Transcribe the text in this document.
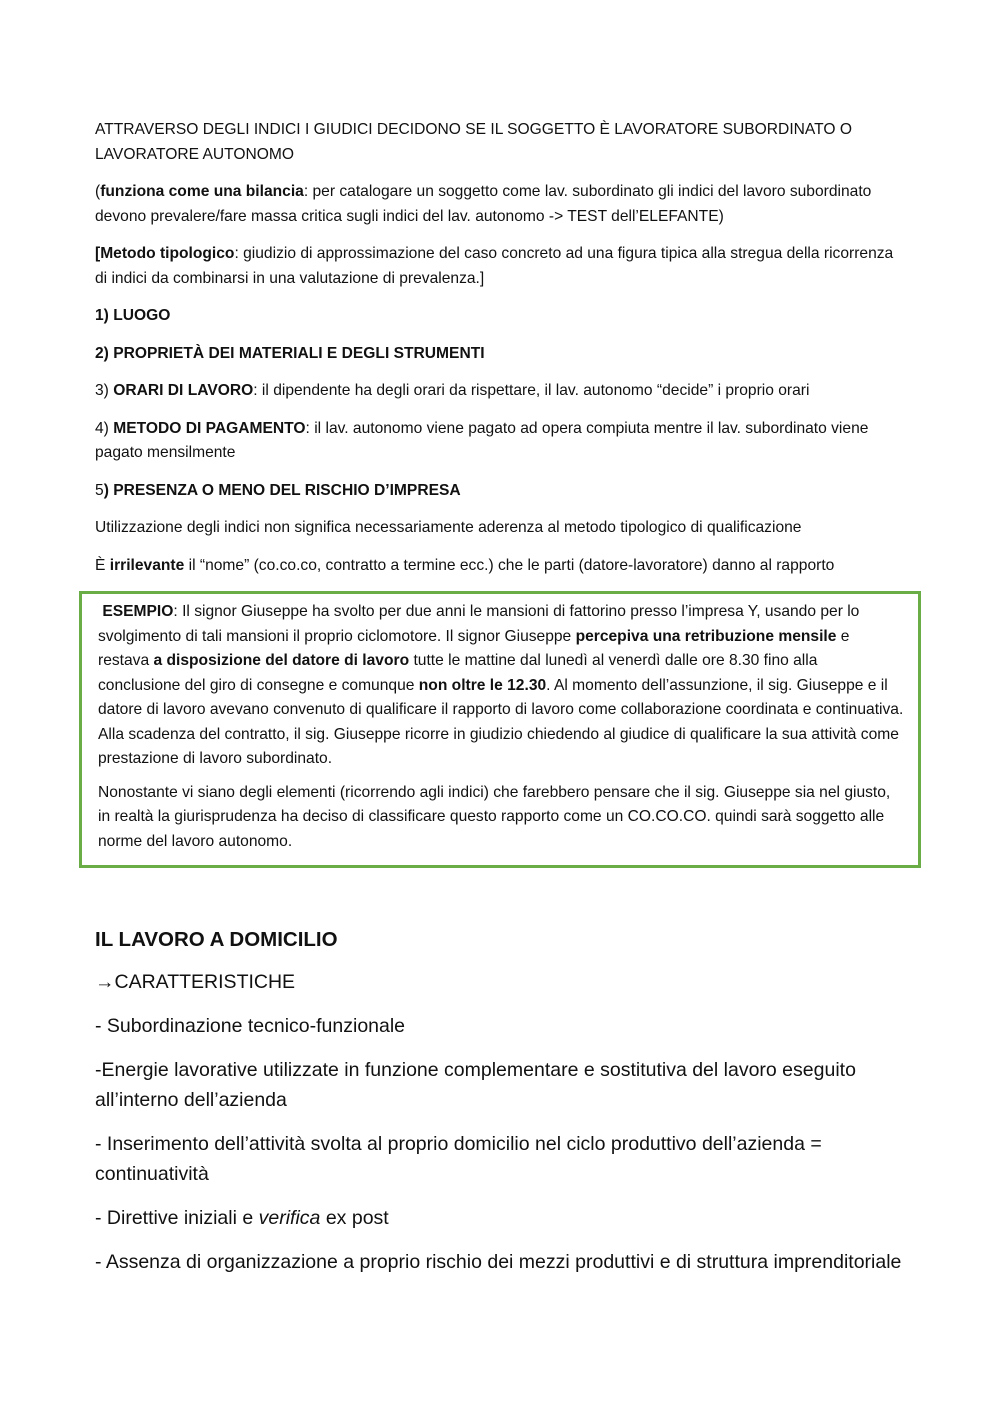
ATTRAVERSO DEGLI INDICI I GIUDICI DECIDONO SE IL SOGGETTO È LAVORATORE SUBORDINATO O LAVORATORE AUTONOMO

(funziona come una bilancia: per catalogare un soggetto come lav. subordinato gli indici del lavoro subordinato devono prevalere/fare massa critica sugli indici del lav. autonomo -> TEST dell’ELEFANTE)

[Metodo tipologico: giudizio di approssimazione del caso concreto ad una figura tipica alla stregua della ricorrenza di indici da combinarsi in una valutazione di prevalenza.]

1) LUOGO

2) PROPRIETÀ DEI MATERIALI E DEGLI STRUMENTI

3) ORARI DI LAVORO: il dipendente ha degli orari da rispettare, il lav. autonomo “decide” i proprio orari

4) METODO DI PAGAMENTO: il lav. autonomo viene pagato ad opera compiuta mentre il lav. subordinato viene pagato mensilmente

5) PRESENZA O MENO DEL RISCHIO D’IMPRESA

Utilizzazione degli indici non significa necessariamente aderenza al metodo tipologico di qualificazione

È irrilevante il “nome” (co.co.co, contratto a termine ecc.) che le parti (datore-lavoratore) danno al rapporto

ESEMPIO: Il signor Giuseppe ha svolto per due anni le mansioni di fattorino presso l’impresa Y, usando per lo svolgimento di tali mansioni il proprio ciclomotore. Il signor Giuseppe percepiva una retribuzione mensile e restava a disposizione del datore di lavoro tutte le mattine dal lunedì al venerdì dalle ore 8.30 fino alla conclusione del giro di consegne e comunque non oltre le 12.30. Al momento dell’assunzione, il sig. Giuseppe e il datore di lavoro avevano convenuto di qualificare il rapporto di lavoro come collaborazione coordinata e continuativa. Alla scadenza del contratto, il sig. Giuseppe ricorre in giudizio chiedendo al giudice di qualificare la sua attività come prestazione di lavoro subordinato.

Nonostante vi siano degli elementi (ricorrendo agli indici) che farebbero pensare che il sig. Giuseppe sia nel giusto, in realtà la giurisprudenza ha deciso di classificare questo rapporto come un CO.CO.CO. quindi sarà soggetto alle norme del lavoro autonomo.

IL LAVORO A DOMICILIO

→CARATTERISTICHE

- Subordinazione tecnico-funzionale

-Energie lavorative utilizzate in funzione complementare e sostitutiva del lavoro eseguito all’interno dell’azienda

- Inserimento dell’attività svolta al proprio domicilio nel ciclo produttivo dell’azienda = continuatività

- Direttive iniziali e verifica ex post

- Assenza di organizzazione a proprio rischio dei mezzi produttivi e di struttura imprenditoriale
